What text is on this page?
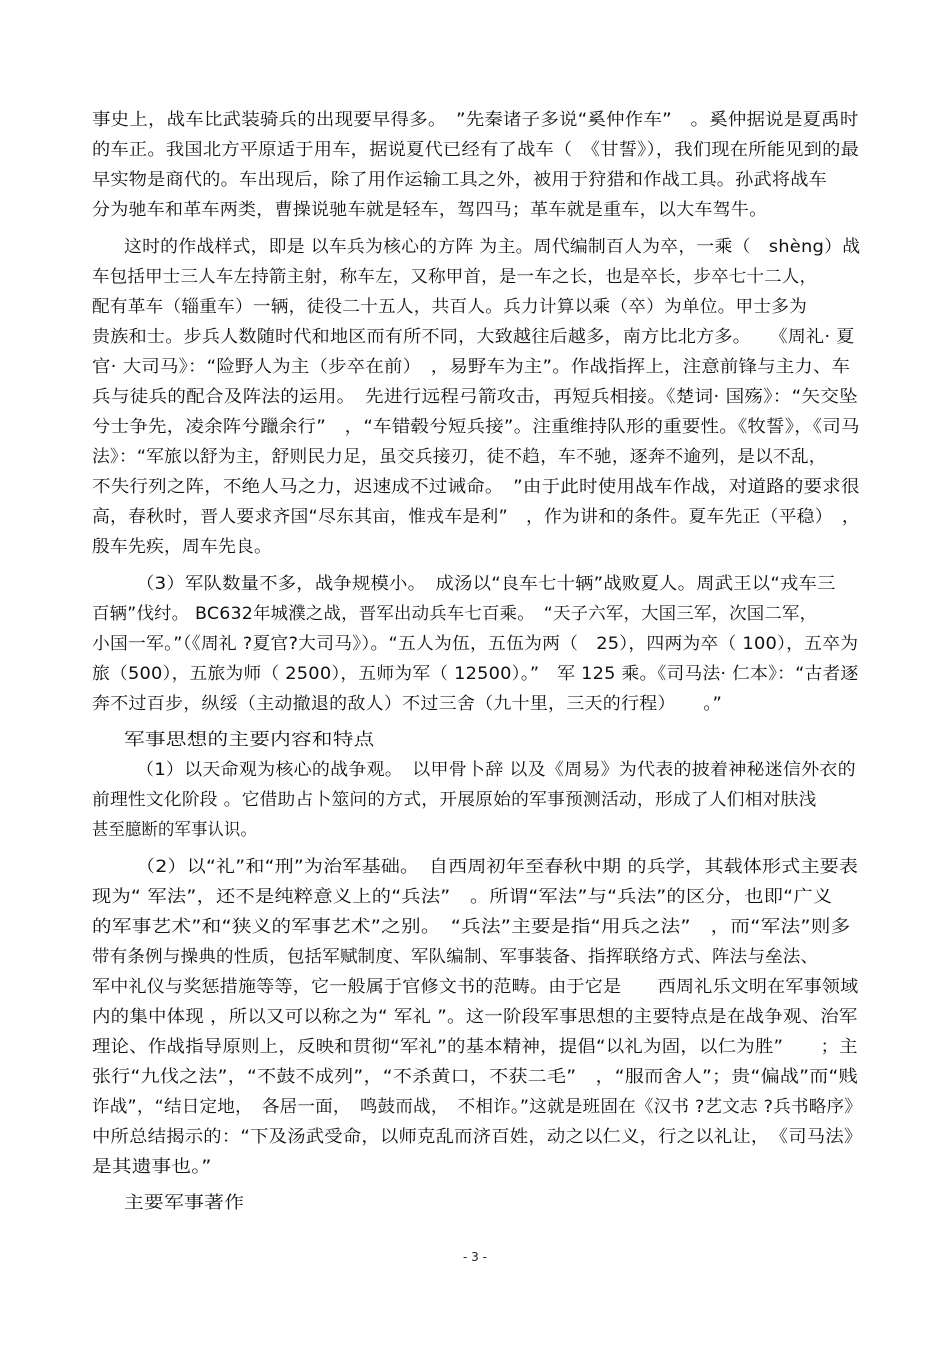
事史上，战车比武装骑兵的出现要早得多。　”先秦诸子多说“奚仲作车”　。奚仲据说是夏禹时
的车正。我国北方平原适于用车，据说夏代已经有了战车（　《甘誓》），我们现在所能见到的最
早实物是商代的。车出现后，除了用作运输工具之外，被用于狩猎和作战工具。孙武将战车
分为驰车和革车两类，曹操说驰车就是轻车，驾四马；革车就是重车，以大车驾牛。
这时的作战样式，即是 以车兵为核心的方阵 为主。周代编制百人为卒，一乘（　shèng）战
车包括甲士三人车左持箭主射，称车左，又称甲首，是一车之长，也是卒长，步卒七十二人，
配有革车（辎重车）一辆，徒役二十五人，共百人。兵力计算以乘（卒）为单位。甲士多为
贵族和士。步兵人数随时代和地区而有所不同，大致越往后越多，南方比北方多。　　《周礼· 夏
官· 大司马》：“险野人为主（步卒在前）　，易野车为主”。作战指挥上，注意前锋与主力、车
兵与徒兵的配合及阵法的运用。　先进行远程弓箭攻击，再短兵相接。《楚词· 国殇》：“矢交坠
兮士争先，凌余阵兮躐余行”　，“车错毂兮短兵接”。注重维持队形的重要性。《牧誓》，《司马
法》：“军旅以舒为主，舒则民力足，虽交兵接刃，徒不趋，车不驰，逐奔不逾列，是以不乱，
不失行列之阵，不绝人马之力，迟速成不过诫命。　”由于此时使用战车作战，对道路的要求很
高，春秋时，晋人要求齐国“尽东其亩，惟戎车是利”　，作为讲和的条件。夏车先正（平稳）　，
殷车先疾，周车先良。
（3）军队数量不多，战争规模小。　成汤以“良车七十辆”战败夏人。周武王以“戎车三
百辆”伐纣。 BC632年城濮之战，晋军出动兵车七百乘。　“天子六军，大国三军，次国二军，
小国一军。”（《周礼 ?夏官?大司马》）。“五人为伍，五伍为两（　25），四两为卒（ 100），五卒为
旅（500），五旅为师（ 2500），五师为军（ 12500）。”　军 125 乘。《司马法· 仁本》：“古者逐
奔不过百步，纵绥（主动撤退的敌人）不过三舍（九十里，三天的行程）　　。”
军事思想的主要内容和特点
（1）以天命观为核心的战争观。　以甲骨卜辞 以及《周易》为代表的披着神秘迷信外衣的
前理性文化阶段 。它借助占卜筮问的方式，开展原始的军事预测活动，形成了人们相对肤浅
甚至臆断的军事认识。
（2）以“礼”和“刑”为治军基础。　自西周初年至春秋中期 的兵学，其载体形式主要表
现为“ 军法”，还不是纯粹意义上的“兵法”　。所谓“军法”与“兵法”的区分，也即“广义
的军事艺术”和“狭义的军事艺术”之别。　“兵法”主要是指“用兵之法”　，而“军法”则多
带有条例与操典的性质，包括军赋制度、军队编制、军事装备、指挥联络方式、阵法与垒法、
军中礼仪与奖惩措施等等，它一般属于官修文书的范畴。由于它是　　西周礼乐文明在军事领域
内的集中体现 ，所以又可以称之为“ 军礼 ”。这一阶段军事思想的主要特点是在战争观、治军
理论、作战指导原则上，反映和贯彻“军礼”的基本精神，提倡“以礼为固，以仁为胜”　　；主
张行“九伐之法”，“不鼓不成列”，“不杀黄口，不获二毛”　，“服而舍人”；贵“偏战”而“贱
诈战”，“结日定地，　各居一面，　鸣鼓而战，　不相诈。”这就是班固在《汉书 ?艺文志 ?兵书略序》
中所总结揭示的：“下及汤武受命，以师克乱而济百姓，动之以仁义，行之以礼让，　《司马法》
是其遗事也。”
主要军事著作
- 3 -
